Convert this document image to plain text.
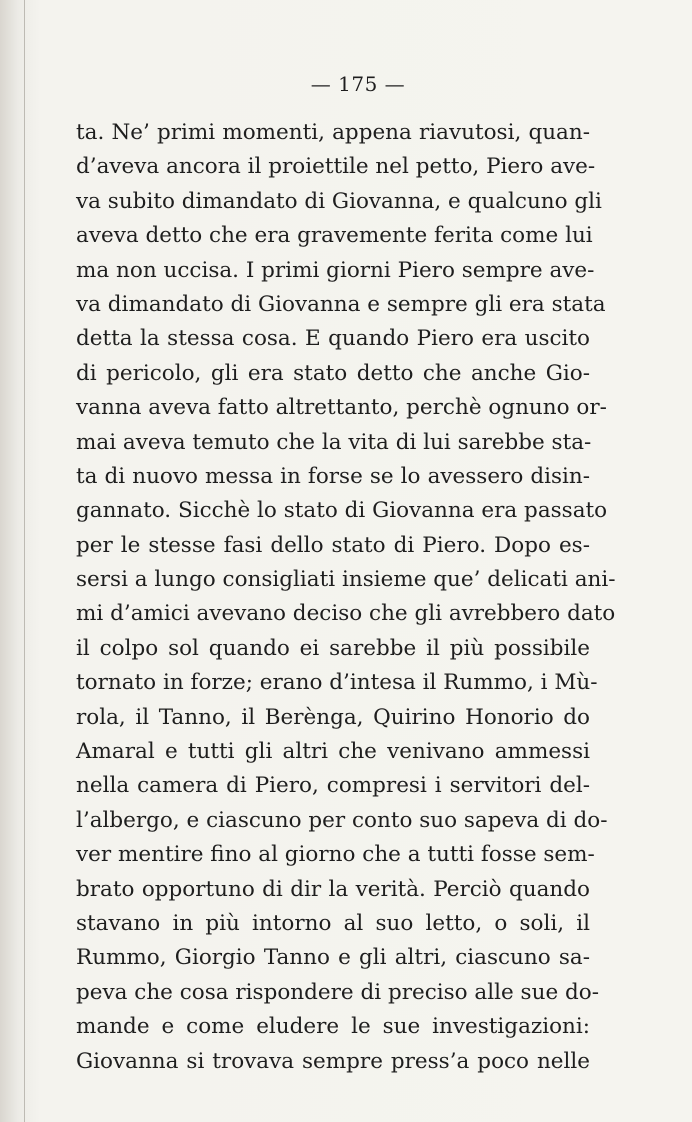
— 175 —
ta. Ne’ primi momenti, appena riavutosi, quan-
d’aveva ancora il proiettile nel petto, Piero ave-
va subito dimandato di Giovanna, e qualcuno gli
aveva detto che era gravemente ferita come lui
ma non uccisa. I primi giorni Piero sempre ave-
va dimandato di Giovanna e sempre gli era stata
detta la stessa cosa. E quando Piero era uscito
di pericolo, gli era stato detto che anche Gio-
vanna aveva fatto altrettanto, perchè ognuno or-
mai aveva temuto che la vita di lui sarebbe sta-
ta di nuovo messa in forse se lo avessero disin-
gannato. Sicchè lo stato di Giovanna era passato
per le stesse fasi dello stato di Piero. Dopo es-
sersi a lungo consigliati insieme que’ delicati ani-
mi d’amici avevano deciso che gli avrebbero dato
il colpo sol quando ei sarebbe il più possibile
tornato in forze; erano d’intesa il Rummo, i Mù-
rola, il Tanno, il Berènga, Quirino Honorio do
Amaral e tutti gli altri che venivano ammessi
nella camera di Piero, compresi i servitori del-
l’albergo, e ciascuno per conto suo sapeva di do-
ver mentire fino al giorno che a tutti fosse sem-
brato opportuno di dir la verità. Perciò quando
stavano in più intorno al suo letto, o soli, il
Rummo, Giorgio Tanno e gli altri, ciascuno sa-
peva che cosa rispondere di preciso alle sue do-
mande e come eludere le sue investigazioni:
Giovanna si trovava sempre press’a poco nelle
